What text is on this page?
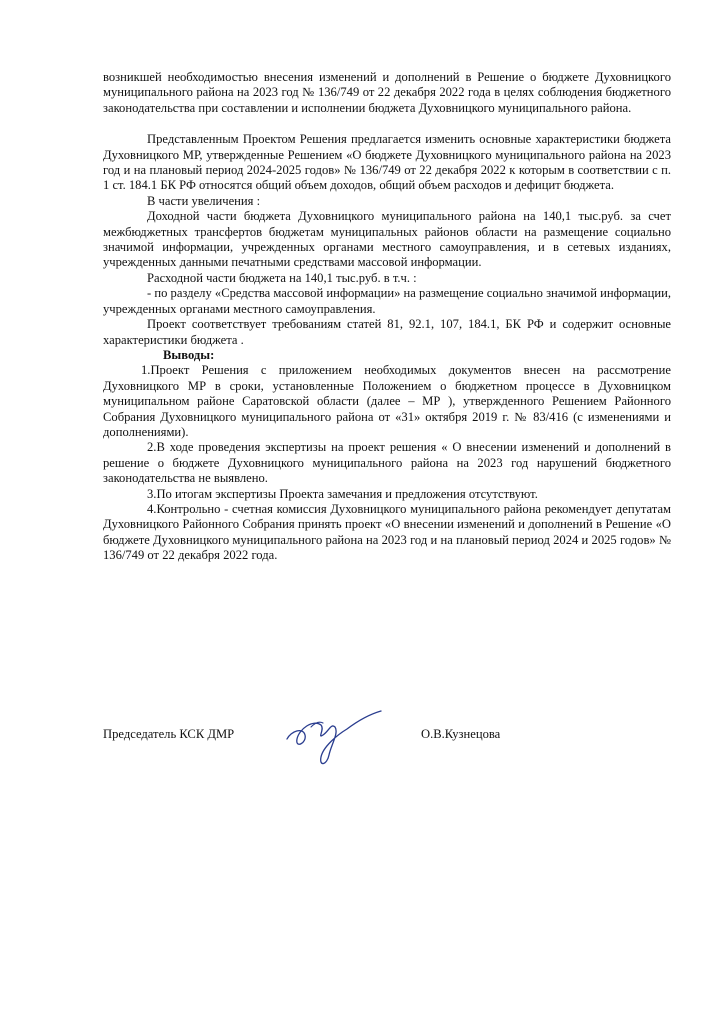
возникшей необходимостью внесения изменений и дополнений в Решение о бюджете Духовницкого муниципального района на 2023 год № 136/749 от 22 декабря 2022 года в целях соблюдения бюджетного законодательства при составлении и исполнении бюджета Духовницкого муниципального района.

Представленным Проектом Решения предлагается изменить основные характеристики бюджета Духовницкого МР, утвержденные Решением «О бюджете Духовницкого муниципального района на 2023 год и на плановый период 2024-2025 годов» № 136/749 от 22 декабря 2022 к которым в соответствии с п. 1 ст. 184.1 БК РФ относятся общий объем доходов, общий объем расходов и дефицит бюджета.

В части увеличения :

Доходной части бюджета Духовницкого муниципального района на 140,1 тыс.руб. за счет межбюджетных трансфертов бюджетам муниципальных районов области на размещение социально значимой информации, учрежденных органами местного самоуправления, и в сетевых изданиях, учрежденных данными печатными средствами массовой информации.

Расходной части бюджета на 140,1 тыс.руб. в т.ч. :

- по разделу «Средства массовой информации» на размещение социально значимой информации, учрежденных органами местного самоуправления.

Проект соответствует требованиям статей 81, 92.1, 107, 184.1, БК РФ и содержит основные характеристики бюджета .

Выводы:

1.Проект Решения с приложением необходимых документов внесен на рассмотрение Духовницкого МР в сроки, установленные Положением о бюджетном процессе в Духовницком муниципальном районе Саратовской области (далее – МР ), утвержденного Решением Районного Собрания Духовницкого муниципального района от «31» октября 2019 г. № 83/416 (с изменениями и дополнениями).

2.В ходе проведения экспертизы на проект решения « О внесении изменений и дополнений в решение о бюджете Духовницкого муниципального района на 2023 год нарушений бюджетного законодательства не выявлено.

3.По итогам экспертизы Проекта замечания и предложения отсутствуют.

4.Контрольно - счетная комиссия Духовницкого муниципального района рекомендует депутатам Духовницкого Районного Собрания принять проект «О внесении изменений и дополнений в Решение «О бюджете Духовницкого муниципального района на 2023 год и на плановый период 2024 и 2025 годов» № 136/749 от 22 декабря 2022 года.

Председатель КСК ДМР	О.В.Кузнецова
